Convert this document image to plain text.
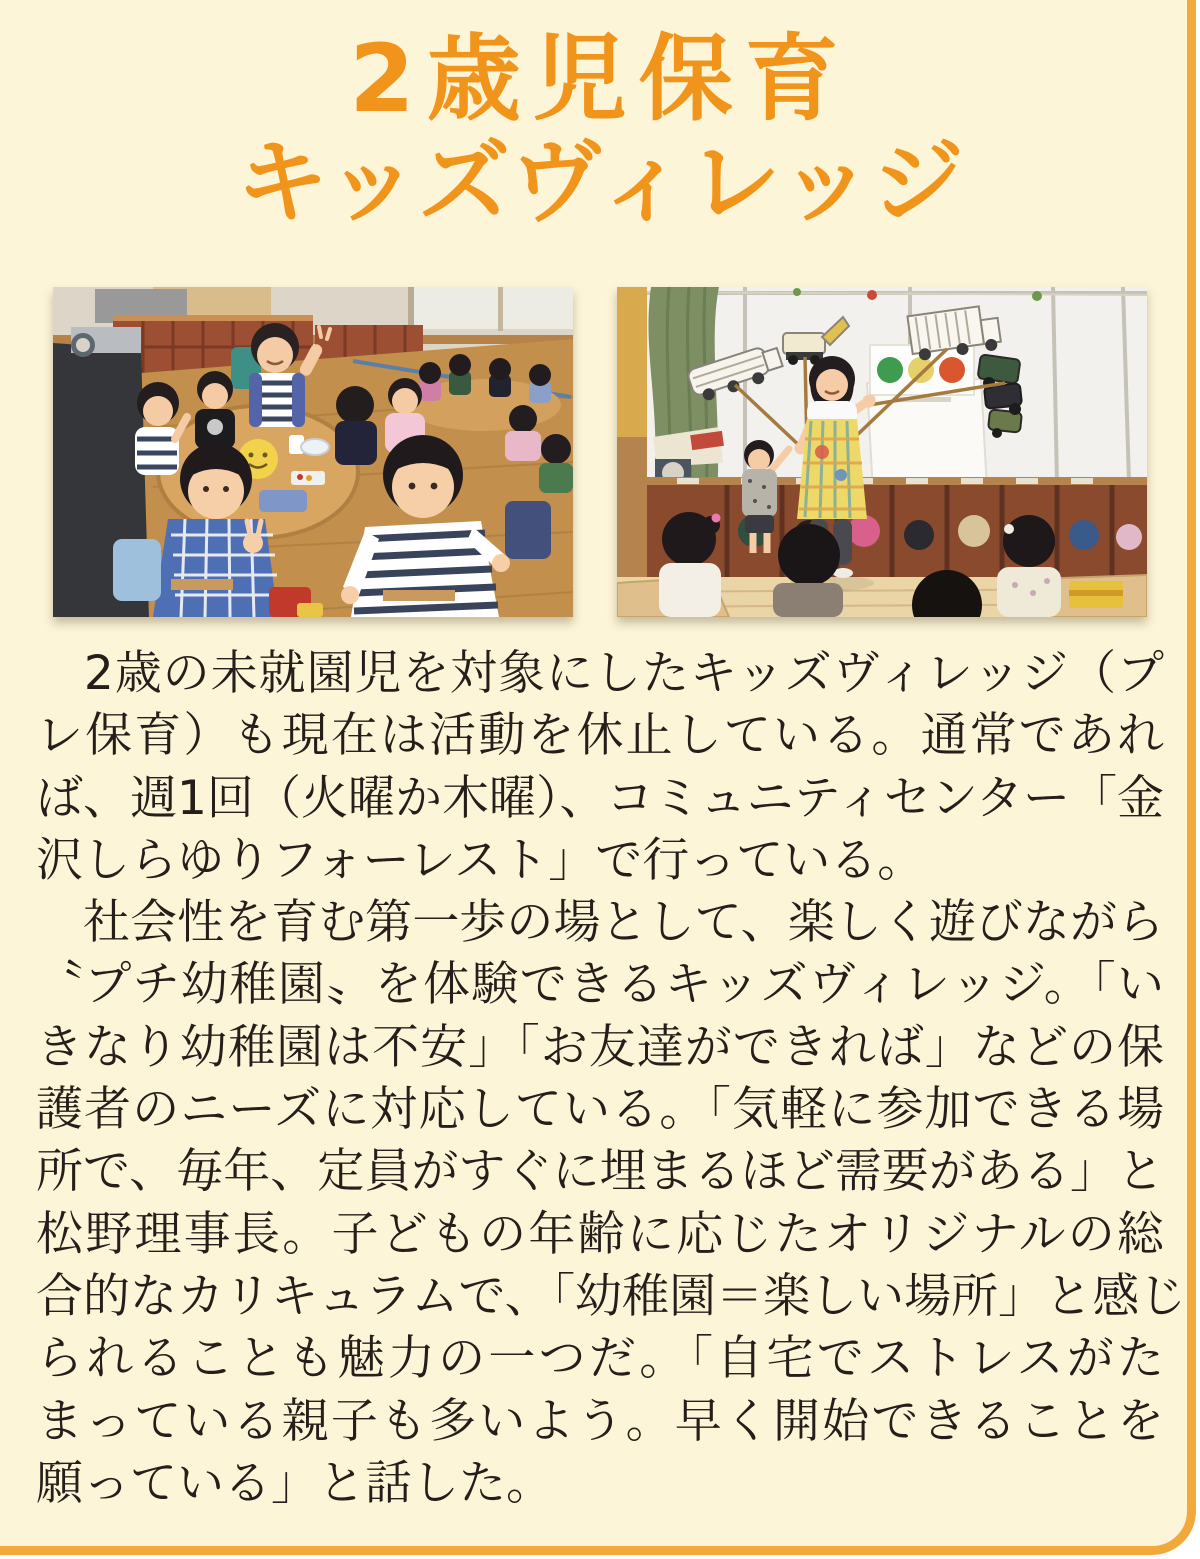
2歳児保育
キッズヴィレッジ

　2歳の未就園児を対象にしたキッズヴィレッジ（プ

レ保育）も現在は活動を休止している。通常であれ

ば、週1回（火曜か木曜）、コミュニティセンター「金

沢しらゆりフォーレスト」で行っている。

　社会性を育む第一歩の場として、楽しく遊びながら

〝プチ幼稚園〟を体験できるキッズヴィレッジ。「い

きなり幼稚園は不安」「お友達ができれば」などの保

護者のニーズに対応している。「気軽に参加できる場

所で、毎年、定員がすぐに埋まるほど需要がある」と

松野理事長。子どもの年齢に応じたオリジナルの総

合的なカリキュラムで、「幼稚園＝楽しい場所」と感じ

られることも魅力の一つだ。「自宅でストレスがた

まっている親子も多いよう。早く開始できることを

願っている」と話した。
